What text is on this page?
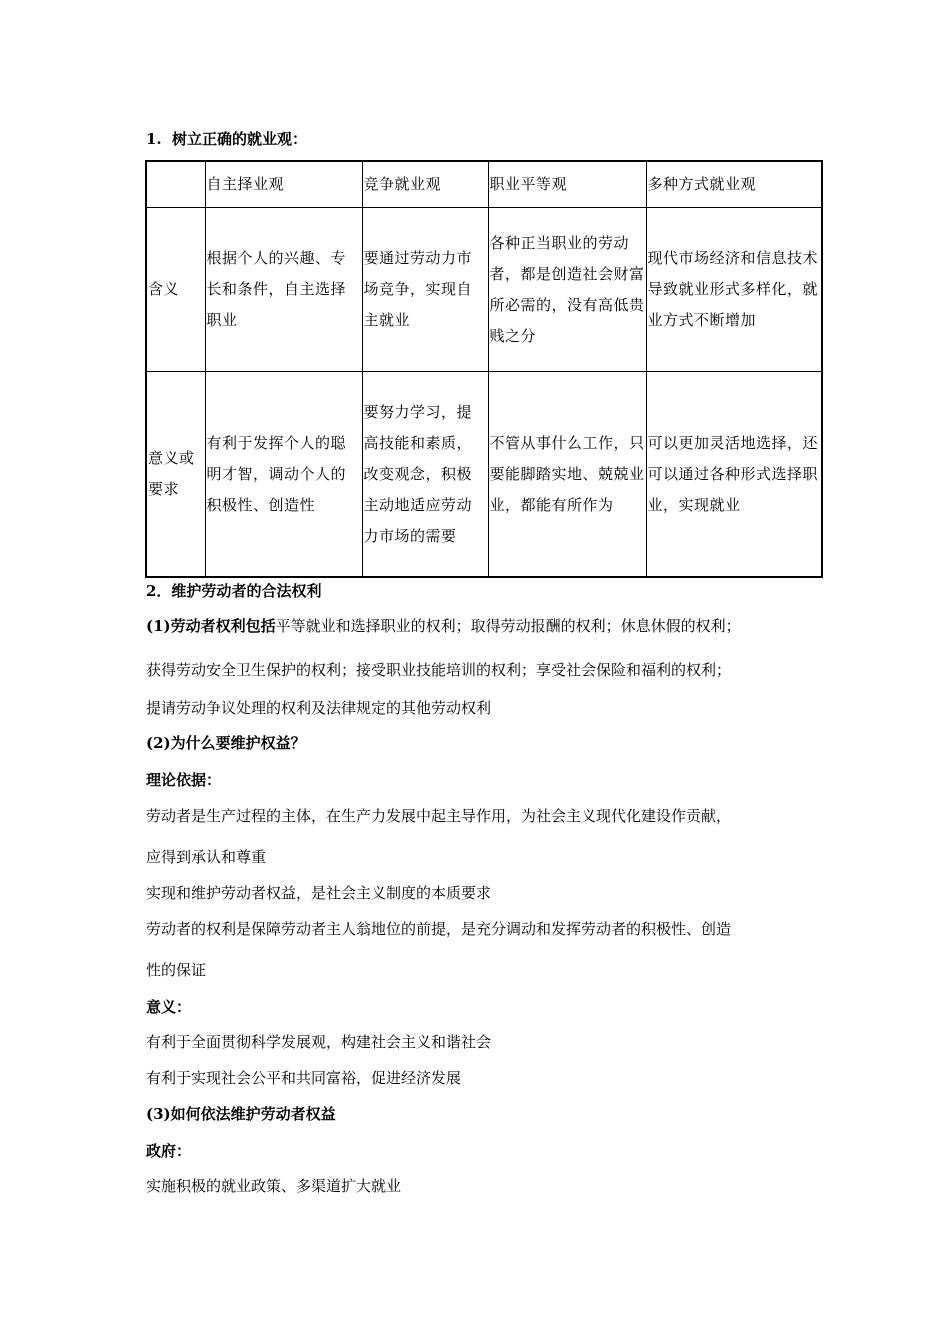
1. 树立正确的就业观：
	自主择业观	竞争就业观	职业平等观	多种方式就业观
含义	根据个人的兴趣、专长和条件，自主选择职业	要通过劳动力市场竞争，实现自主就业	各种正当职业的劳动者，都是创造社会财富所必需的，没有高低贵贱之分	现代市场经济和信息技术导致就业形式多样化，就业方式不断增加
意义或要求	有利于发挥个人的聪明才智，调动个人的积极性、创造性	要努力学习，提高技能和素质，改变观念，积极主动地适应劳动力市场的需要	不管从事什么工作，只要能脚踏实地、兢兢业业，都能有所作为	可以更加灵活地选择，还可以通过各种形式选择职业，实现就业
2．维护劳动者的合法权利
(1)劳动者权利包括平等就业和选择职业的权利；取得劳动报酬的权利；休息休假的权利；
获得劳动安全卫生保护的权利；接受职业技能培训的权利；享受社会保险和福利的权利；
提请劳动争议处理的权利及法律规定的其他劳动权利
(2)为什么要维护权益？
理论依据：
劳动者是生产过程的主体，在生产力发展中起主导作用，为社会主义现代化建设作贡献，
应得到承认和尊重
实现和维护劳动者权益，是社会主义制度的本质要求
劳动者的权利是保障劳动者主人翁地位的前提，是充分调动和发挥劳动者的积极性、创造
性的保证
意义：
有利于全面贯彻科学发展观，构建社会主义和谐社会
有利于实现社会公平和共同富裕，促进经济发展
(3)如何依法维护劳动者权益
政府：
实施积极的就业政策、多渠道扩大就业
